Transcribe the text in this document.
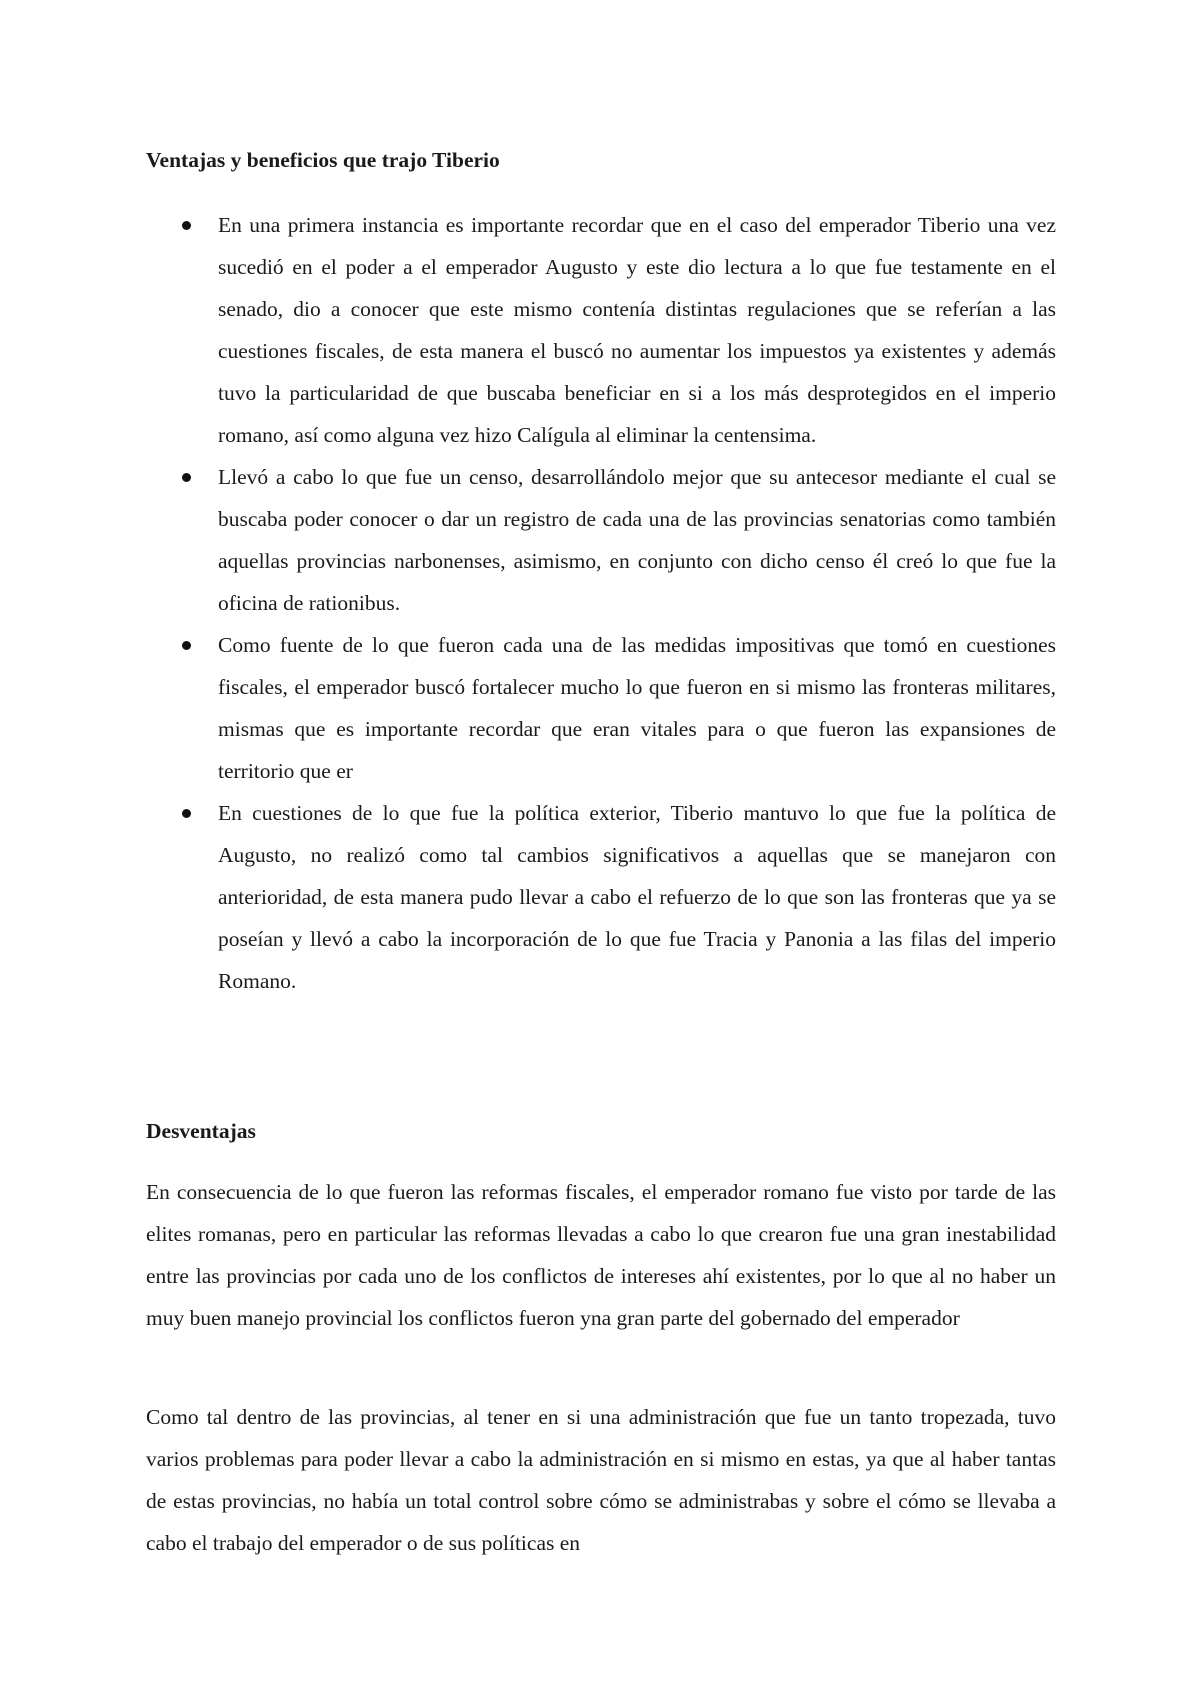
Ventajas y beneficios que trajo Tiberio
En una primera instancia es importante recordar que en el caso del emperador Tiberio una vez sucedió en el poder a el emperador Augusto y este dio lectura a lo que fue testamente en el senado, dio a conocer que este mismo contenía distintas regulaciones que se referían a las cuestiones fiscales, de esta manera el buscó no aumentar los impuestos ya existentes y además tuvo la particularidad de que buscaba beneficiar en si a los más desprotegidos en el imperio romano, así como alguna vez hizo Calígula al eliminar la centensima.
Llevó a cabo lo que fue un censo, desarrollándolo mejor que su antecesor mediante el cual se buscaba poder conocer o dar un registro de cada una de las provincias senatorias como también aquellas provincias narbonenses, asimismo, en conjunto con dicho censo él creó lo que fue la oficina de rationibus.
Como fuente de lo que fueron cada una de las medidas impositivas que tomó en cuestiones fiscales, el emperador buscó fortalecer mucho lo que fueron en si mismo las fronteras militares, mismas que es importante recordar que eran vitales para o que fueron las expansiones de territorio que er
En cuestiones de lo que fue la política exterior, Tiberio mantuvo lo que fue la política de Augusto, no realizó como tal cambios significativos a aquellas que se manejaron con anterioridad, de esta manera pudo llevar a cabo el refuerzo de lo que son las fronteras que ya se poseían y llevó a cabo la incorporación de lo que fue Tracia y Panonia a las filas del imperio Romano.
Desventajas

En consecuencia de lo que fueron las reformas fiscales, el emperador romano fue visto por tarde de las elites romanas, pero en particular las reformas llevadas a cabo lo que crearon fue una gran inestabilidad entre las provincias por cada uno de los conflictos de intereses ahí existentes, por lo que al no haber un muy buen manejo provincial los conflictos fueron yna gran parte del gobernado del emperador

Como tal dentro de las provincias, al tener en si una administración que fue un tanto tropezada, tuvo varios problemas para poder llevar a cabo la administración en si mismo en estas, ya que al haber tantas de estas provincias, no había un total control sobre cómo se administrabas y sobre el cómo se llevaba a cabo el trabajo del emperador o de sus políticas en
